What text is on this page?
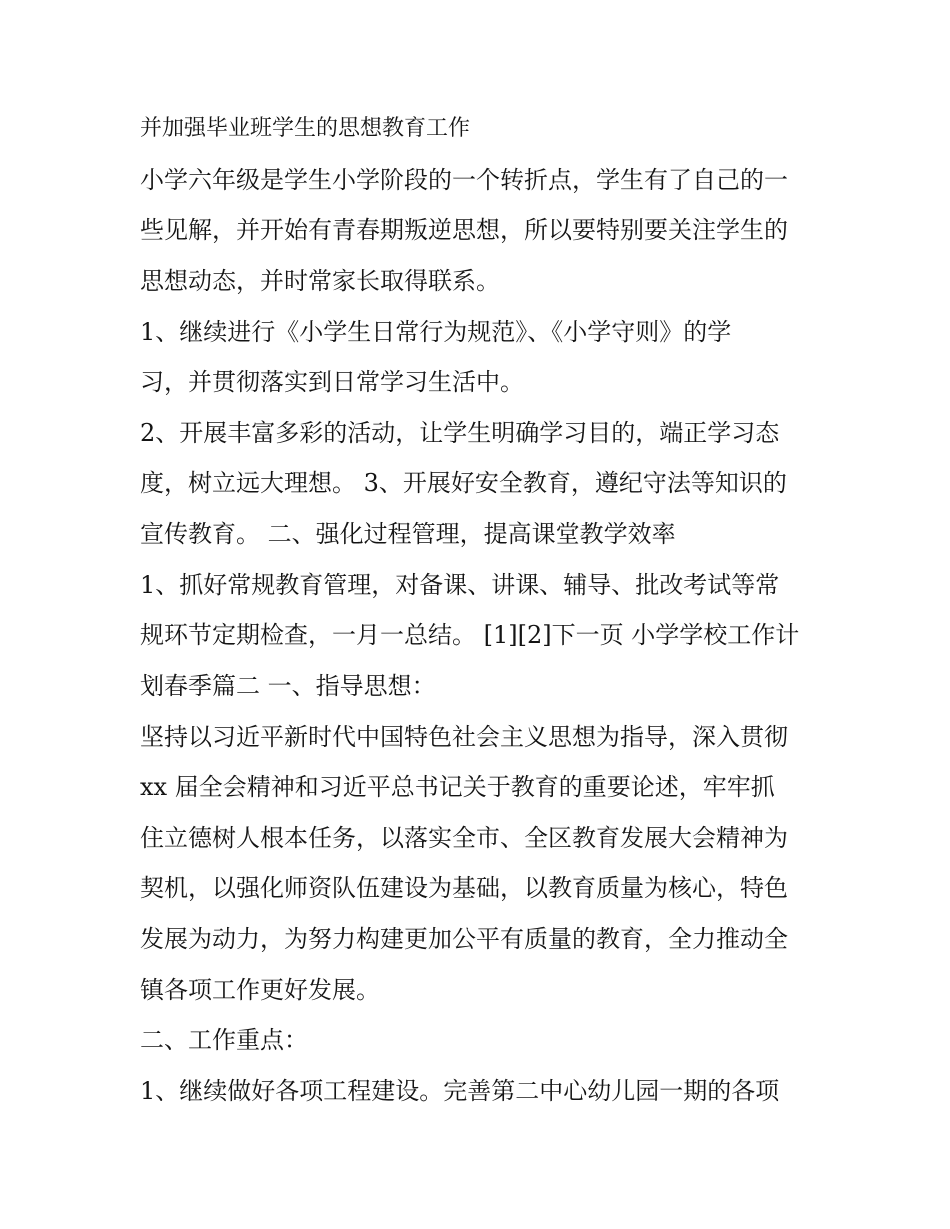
并加强毕业班学生的思想教育工作
小学六年级是学生小学阶段的一个转折点，学生有了自己的一
些见解，并开始有青春期叛逆思想，所以要特别要关注学生的
思想动态，并时常家长取得联系。
1、继续进行《小学生日常行为规范》、《小学守则》的学
习，并贯彻落实到日常学习生活中。
2、开展丰富多彩的活动，让学生明确学习目的，端正学习态
度，树立远大理想。 3、开展好安全教育，遵纪守法等知识的
宣传教育。 二、强化过程管理，提高课堂教学效率
1、抓好常规教育管理，对备课、讲课、辅导、批改考试等常
规环节定期检查，一月一总结。 [1][2]下一页 小学学校工作计
划春季篇二 一、指导思想：
坚持以习近平新时代中国特色社会主义思想为指导，深入贯彻
xx 届全会精神和习近平总书记关于教育的重要论述，牢牢抓
住立德树人根本任务，以落实全市、全区教育发展大会精神为
契机，以强化师资队伍建设为基础，以教育质量为核心，特色
发展为动力，为努力构建更加公平有质量的教育，全力推动全
镇各项工作更好发展。
二、工作重点：
1、继续做好各项工程建设。完善第二中心幼儿园一期的各项
